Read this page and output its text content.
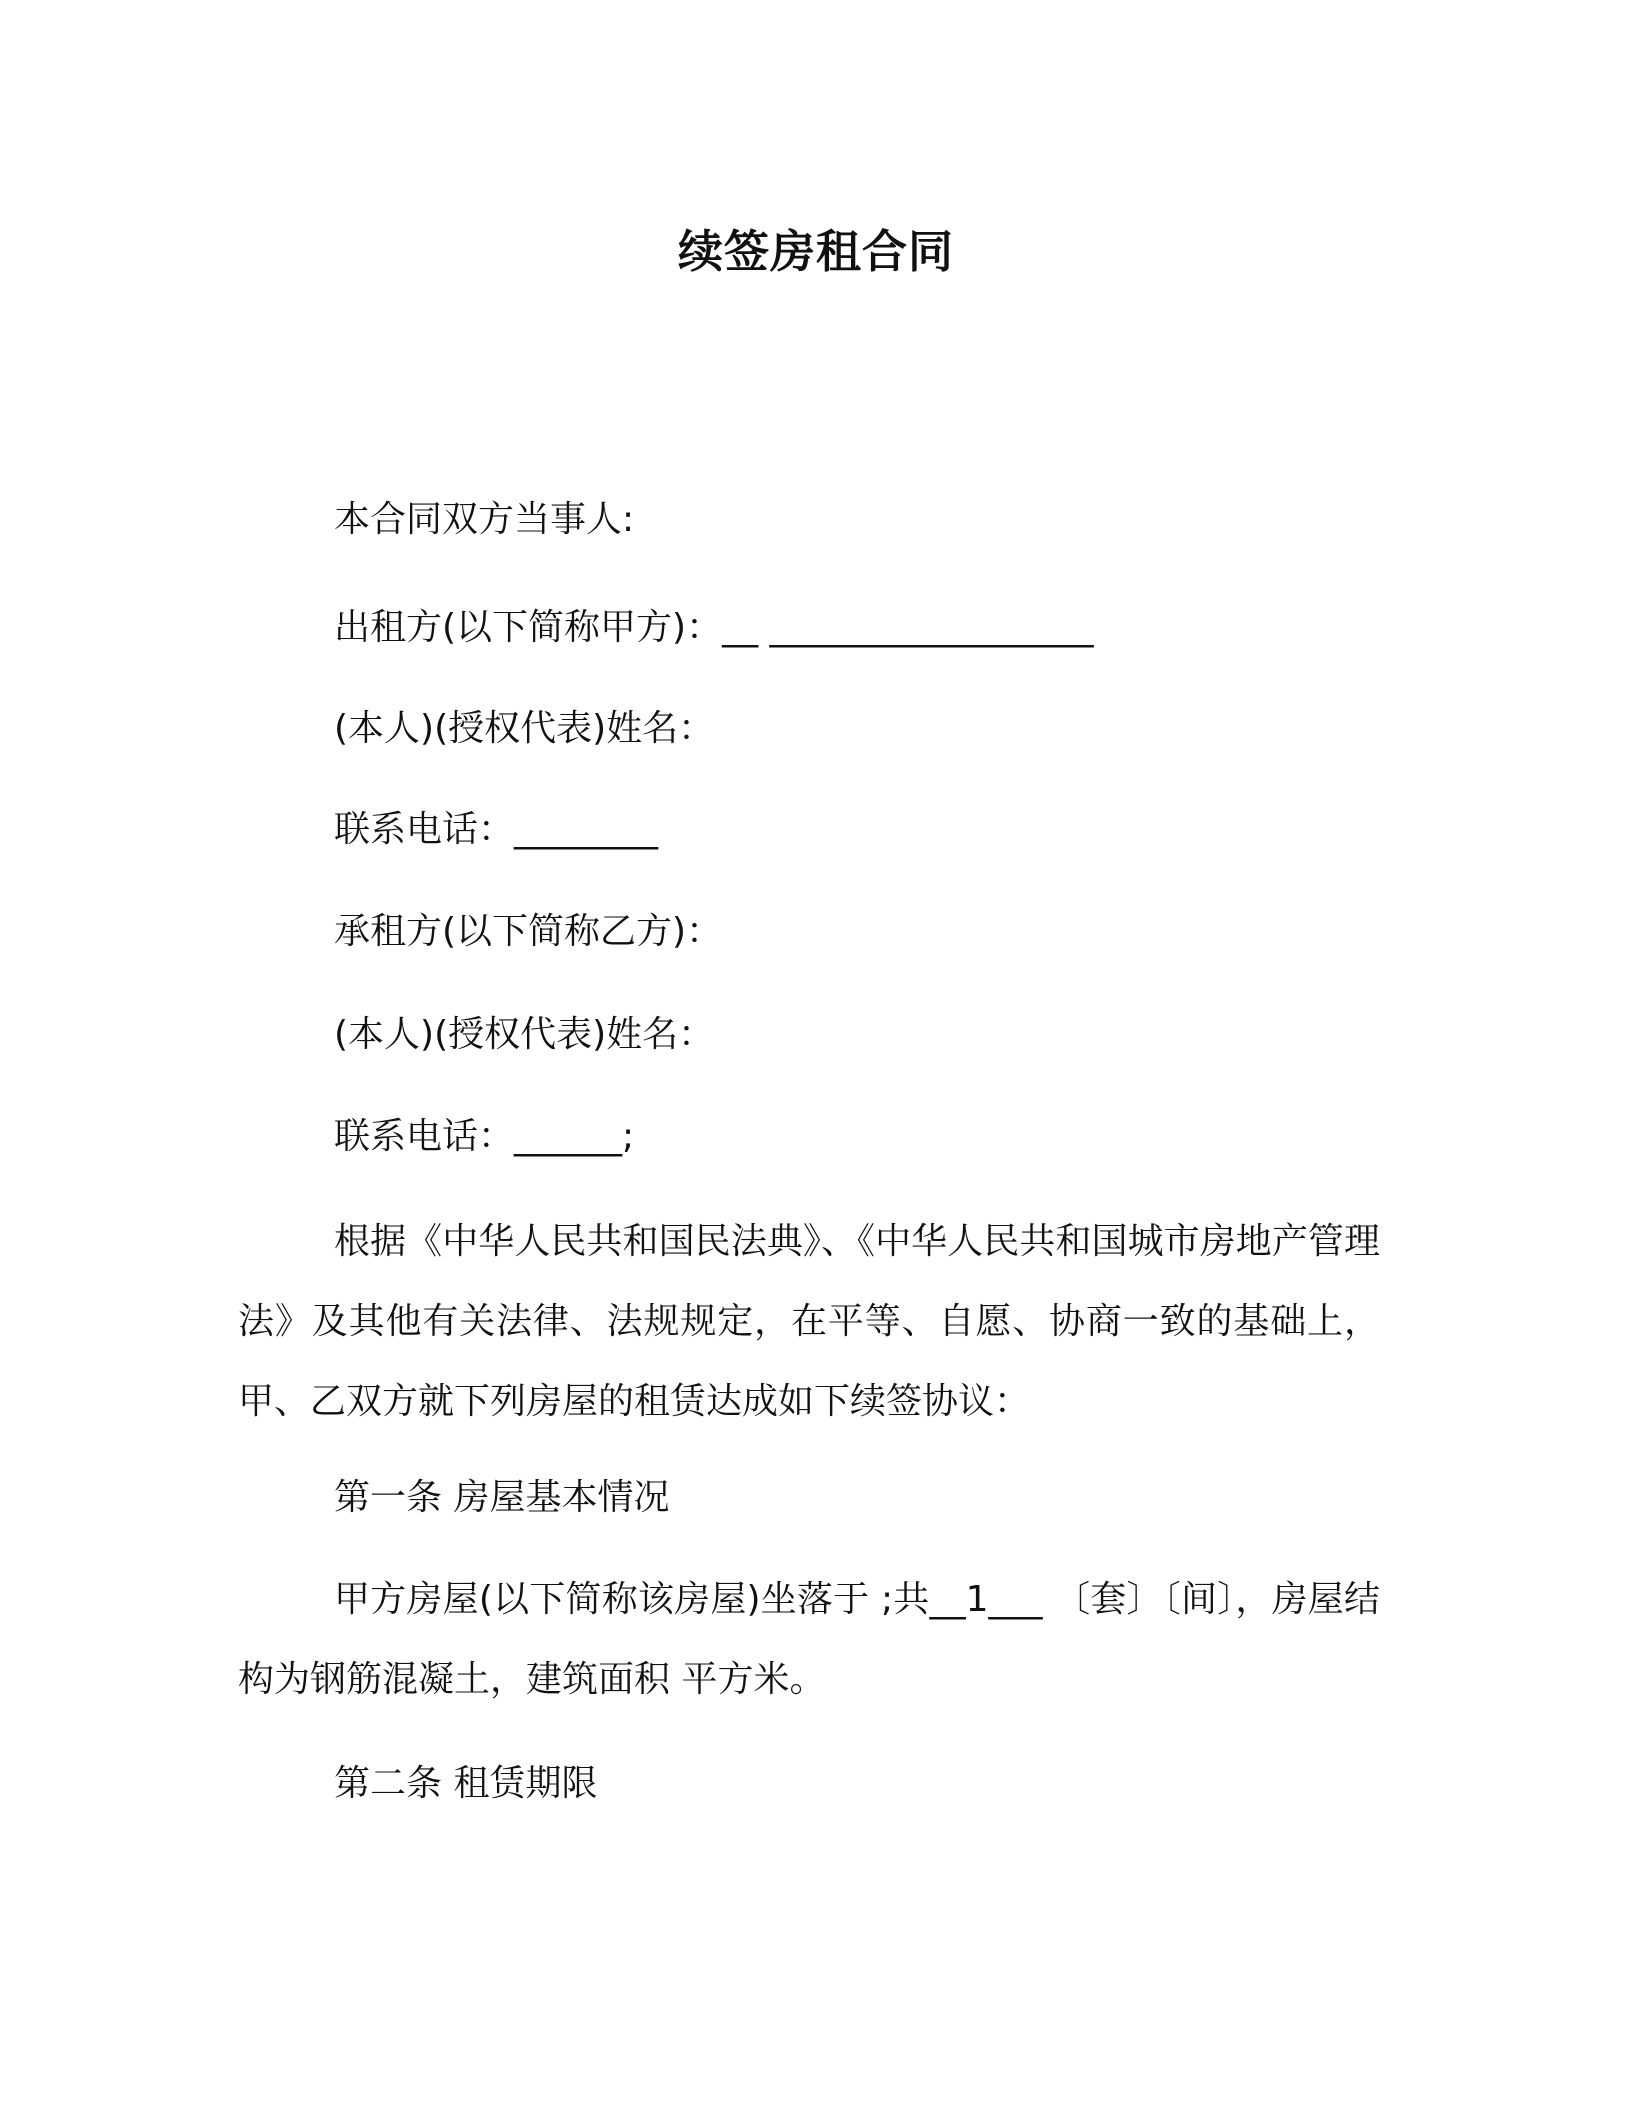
续签房租合同
本合同双方当事人:
出租方(以下简称甲方)：__ __________________
(本人)(授权代表)姓名：
联系电话：________
承租方(以下简称乙方)：
(本人)(授权代表)姓名：
联系电话：______;
根据《中华人民共和国民法典》、《中华人民共和国城市房地产管理法》及其他有关法律、法规规定，在平等、自愿、协商一致的基础上，甲、乙双方就下列房屋的租赁达成如下续签协议：
第一条 房屋基本情况
甲方房屋(以下简称该房屋)坐落于 ;共__1___ 〔套〕〔间〕，房屋结构为钢筋混凝土，建筑面积 平方米。
第二条 租赁期限
